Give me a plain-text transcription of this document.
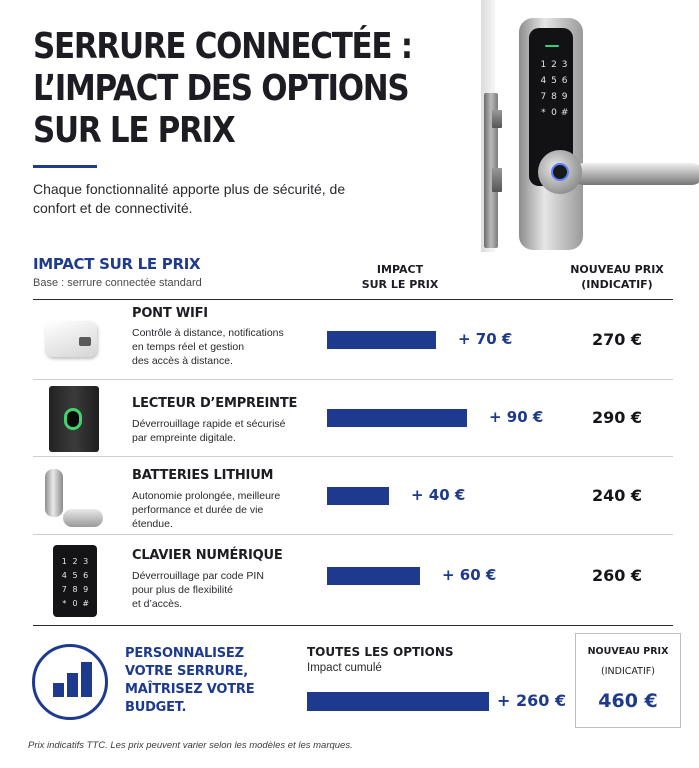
SERRURE CONNECTÉE :
L’IMPACT DES OPTIONS
SUR LE PRIX

Chaque fonctionnalité apporte plus de sécurité, de confort et de connectivité.

1 2 3
4 5 6
7 8 9
* 0 #
IMPACT SUR LE PRIX
Base : serrure connectée standard
IMPACT
SUR LE PRIX
NOUVEAU PRIX
(INDICATIF)
PONT WIFI
Contrôle à distance, notifications
en temps réel et gestion
des accès à distance.
+ 70 €	270 €
LECTEUR D’EMPREINTE
Déverrouillage rapide et sécurisé
par empreinte digitale.
+ 90 €	290 €
BATTERIES LITHIUM
Autonomie prolongée, meilleure
performance et durée de vie
étendue.
+ 40 €	240 €
1 2 3
4 5 6
7 8 9
* 0 #
CLAVIER NUMÉRIQUE
Déverrouillage par code PIN
pour plus de flexibilité
et d’accès.
+ 60 €	260 €
PERSONNALISEZ
VOTRE SERRURE,
MAÎTRISEZ VOTRE
BUDGET.
TOUTES LES OPTIONS
Impact cumulé
+ 260 €
NOUVEAU PRIX
(INDICATIF)
460 €
Prix indicatifs TTC. Les prix peuvent varier selon les modèles et les marques.
